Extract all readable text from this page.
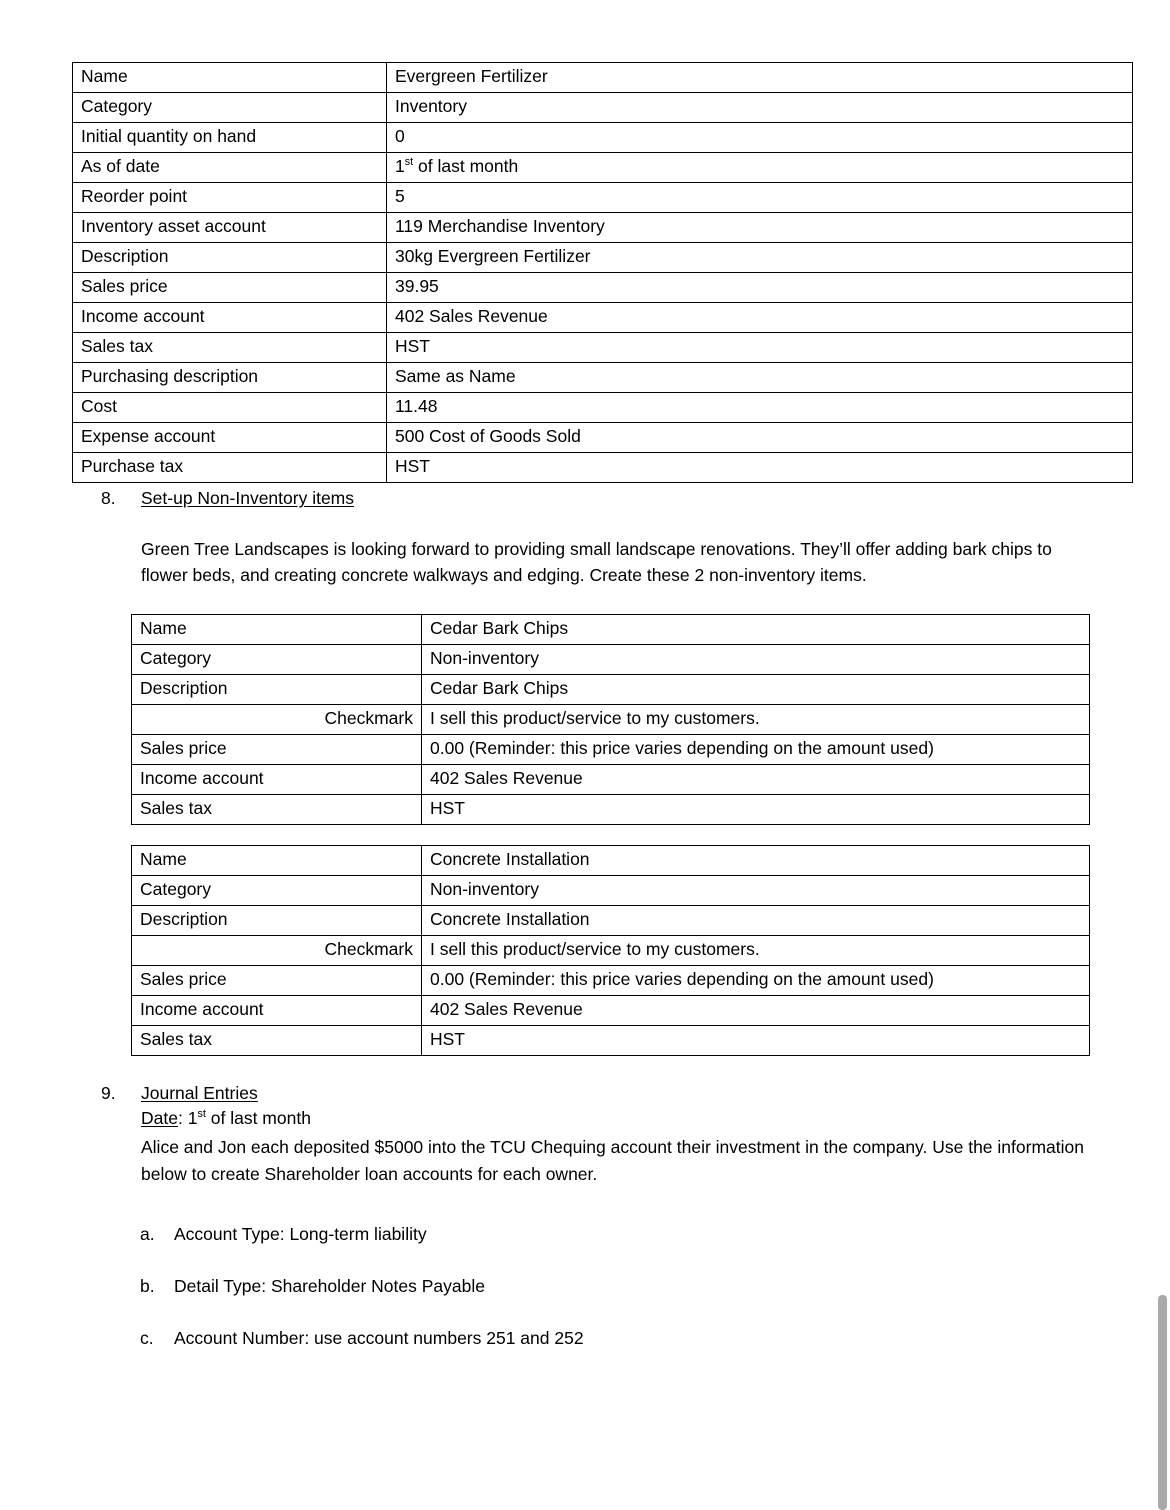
Name	Evergreen Fertilizer
Category	Inventory
Initial quantity on hand	0
As of date	1st of last month
Reorder point	5
Inventory asset account	119 Merchandise Inventory
Description	30kg Evergreen Fertilizer
Sales price	39.95
Income account	402 Sales Revenue
Sales tax	HST
Purchasing description	Same as Name
Cost	11.48
Expense account	500 Cost of Goods Sold
Purchase tax	HST
8.	Set-up Non-Inventory items
Green Tree Landscapes is looking forward to providing small landscape renovations. They’ll offer adding bark chips to flower beds, and creating concrete walkways and edging. Create these 2 non-inventory items.
Name	Cedar Bark Chips
Category	Non-inventory
Description	Cedar Bark Chips
Checkmark	I sell this product/service to my customers.
Sales price	0.00 (Reminder: this price varies depending on the amount used)
Income account	402 Sales Revenue
Sales tax	HST
Name	Concrete Installation
Category	Non-inventory
Description	Concrete Installation
Checkmark	I sell this product/service to my customers.
Sales price	0.00 (Reminder: this price varies depending on the amount used)
Income account	402 Sales Revenue
Sales tax	HST
9.	Journal Entries
Date: 1st of last month
Alice and Jon each deposited $5000 into the TCU Chequing account their investment in the company. Use the information below to create Shareholder loan accounts for each owner.
a.	Account Type: Long-term liability
b.	Detail Type: Shareholder Notes Payable
c.	Account Number: use account numbers 251 and 252
